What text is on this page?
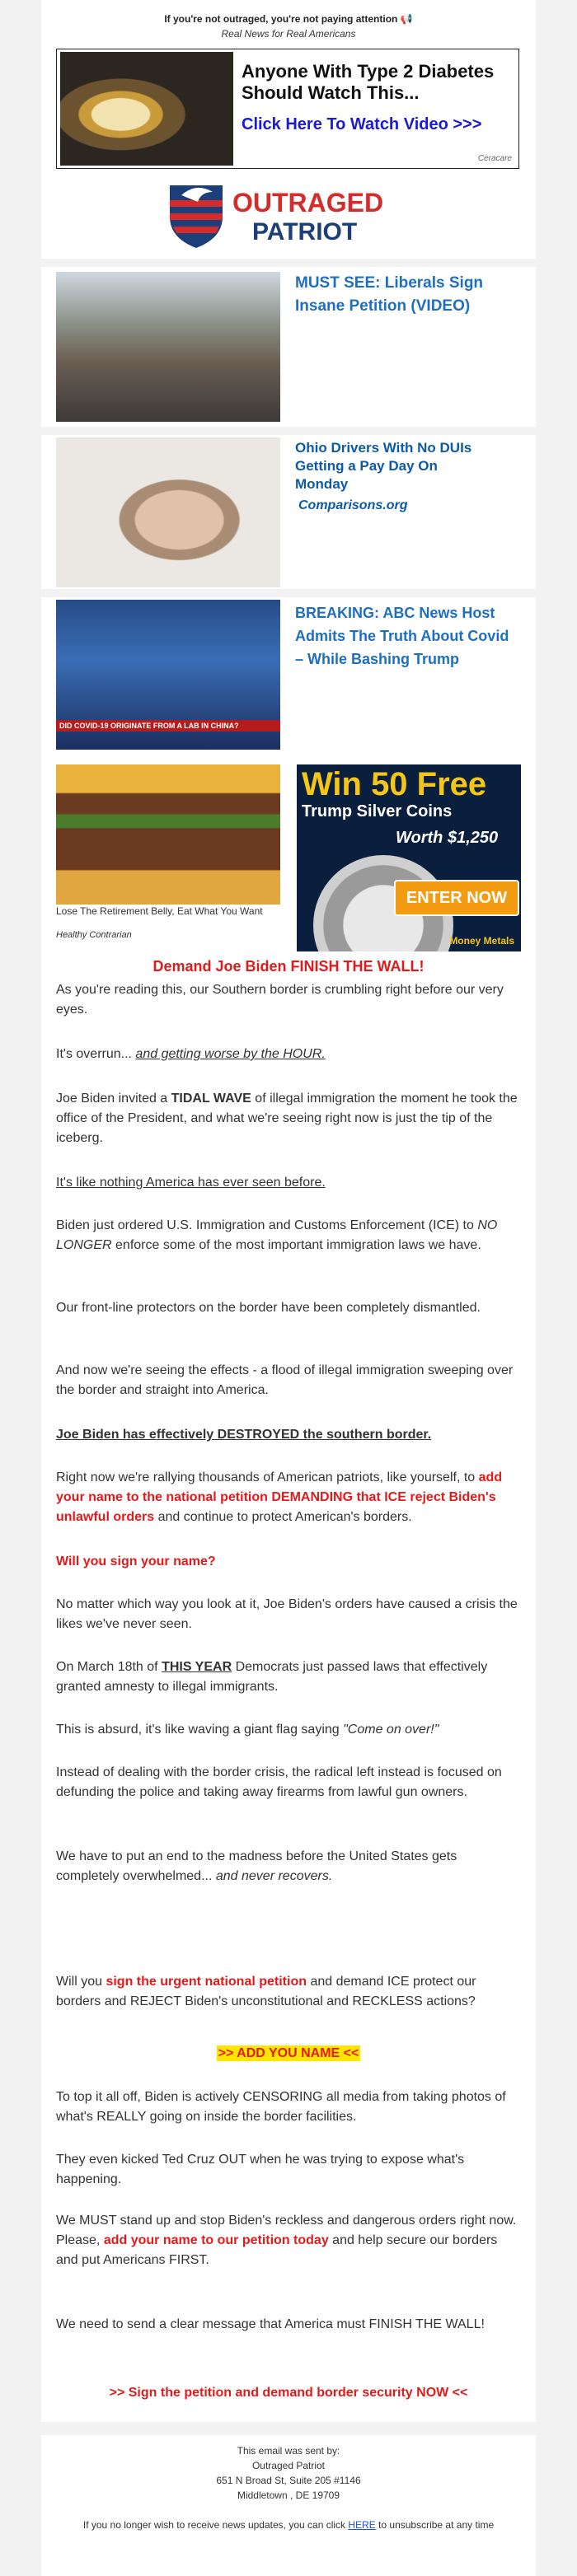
If you're not outraged, you're not paying attention 📢
Real News for Real Americans
Anyone With Type 2 Diabetes Should Watch This...
Click Here To Watch Video >>>
Ceracare
OUTRAGED
PATRIOT
MUST SEE: Liberals Sign Insane Petition (VIDEO)
Ohio Drivers With No DUIs Getting a Pay Day On Monday
Comparisons.org
DID COVID-19 ORIGINATE FROM A LAB IN CHINA?
BREAKING: ABC News Host Admits The Truth About Covid – While Bashing Trump
Lose The Retirement Belly, Eat What You Want
Healthy Contrarian
Win 50 Free
Trump Silver Coins
Worth $1,250
ENTER NOW
Money Metals
Demand Joe Biden FINISH THE WALL!

As you're reading this, our Southern border is crumbling right before our very eyes.

It's overrun... and getting worse by the HOUR.
Joe Biden invited a TIDAL WAVE of illegal immigration the moment he took the office of the President, and what we're seeing right now is just the tip of the iceberg.
It's like nothing America has ever seen before.
Biden just ordered U.S. Immigration and Customs Enforcement (ICE) to NO LONGER enforce some of the most important immigration laws we have.

Our front-line protectors on the border have been completely dismantled.

And now we're seeing the effects - a flood of illegal immigration sweeping over the border and straight into America.

Joe Biden has effectively DESTROYED the southern border.
Right now we're rallying thousands of American patriots, like yourself, to add your name to the national petition DEMANDING that ICE reject Biden's unlawful orders and continue to protect American's borders.
Will you sign your name?

No matter which way you look at it, Joe Biden's orders have caused a crisis the likes we've never seen.

On March 18th of THIS YEAR Democrats just passed laws that effectively granted amnesty to illegal immigrants.
This is absurd, it's like waving a giant flag saying "Come on over!"

Instead of dealing with the border crisis, the radical left instead is focused on defunding the police and taking away firearms from lawful gun owners.

We have to put an end to the madness before the United States gets completely overwhelmed... and never recovers.
Will you sign the urgent national petition and demand ICE protect our borders and REJECT Biden's unconstitutional and RECKLESS actions?
>> ADD YOU NAME <<

To top it all off, Biden is actively CENSORING all media from taking photos of what's REALLY going on inside the border facilities.

They even kicked Ted Cruz OUT when he was trying to expose what's happening.

We MUST stand up and stop Biden's reckless and dangerous orders right now. Please, add your name to our petition today and help secure our borders and put Americans FIRST.

We need to send a clear message that America must FINISH THE WALL!

>> Sign the petition and demand border security NOW <<
This email was sent by:
Outraged Patriot
651 N Broad St, Suite 205 #1146
Middletown , DE 19709
If you no longer wish to receive news updates, you can click HERE to unsubscribe at any time
